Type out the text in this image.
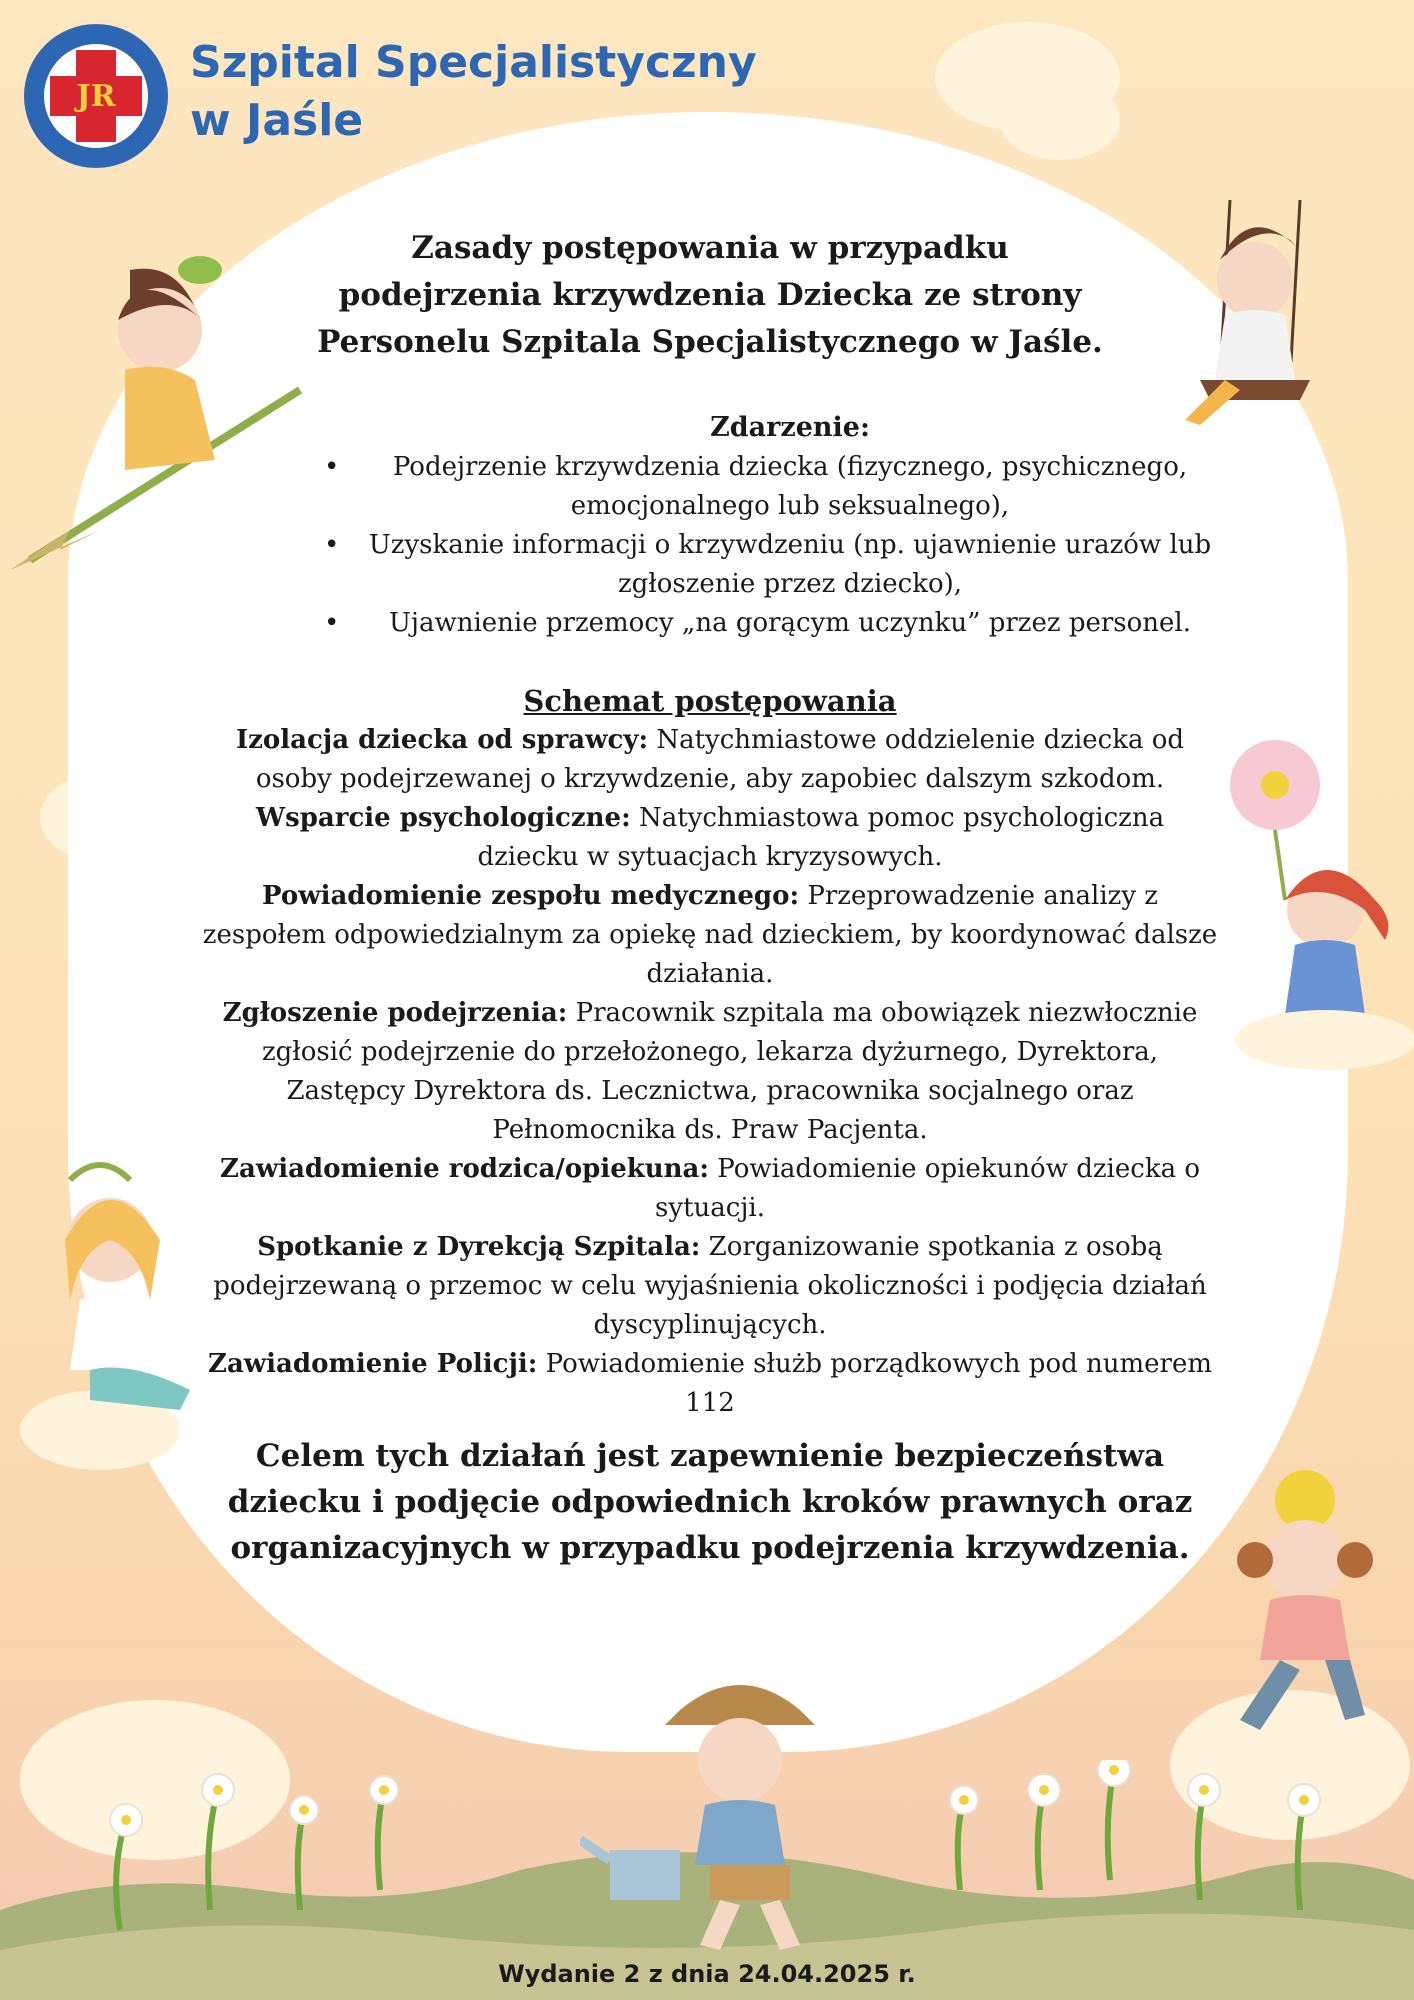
JR
Szpital Specjalistyczny
w Jaśle
Zasady postępowania w przypadku
podejrzenia krzywdzenia Dziecka ze strony
Personelu Szpitala Specjalistycznego w Jaśle.
Zdarzenie:
• Podejrzenie krzywdzenia dziecka (fizycznego, psychicznego, emocjonalnego lub seksualnego),
• Uzyskanie informacji o krzywdzeniu (np. ujawnienie urazów lub zgłoszenie przez dziecko),
• Ujawnienie przemocy „na gorącym uczynku” przez personel.
Schemat postępowania
Izolacja dziecka od sprawcy: Natychmiastowe oddzielenie dziecka od osoby podejrzewanej o krzywdzenie, aby zapobiec dalszym szkodom.
Wsparcie psychologiczne: Natychmiastowa pomoc psychologiczna dziecku w sytuacjach kryzysowych.
Powiadomienie zespołu medycznego: Przeprowadzenie analizy z zespołem odpowiedzialnym za opiekę nad dzieckiem, by koordynować dalsze działania.
Zgłoszenie podejrzenia: Pracownik szpitala ma obowiązek niezwłocznie zgłosić podejrzenie do przełożonego, lekarza dyżurnego, Dyrektora, Zastępcy Dyrektora ds. Lecznictwa, pracownika socjalnego oraz Pełnomocnika ds. Praw Pacjenta.
Zawiadomienie rodzica/opiekuna: Powiadomienie opiekunów dziecka o sytuacji.
Spotkanie z Dyrekcją Szpitala: Zorganizowanie spotkania z osobą podejrzewaną o przemoc w celu wyjaśnienia okoliczności i podjęcia działań dyscyplinujących.
Zawiadomienie Policji: Powiadomienie służb porządkowych pod numerem 112
Celem tych działań jest zapewnienie bezpieczeństwa dziecku i podjęcie odpowiednich kroków prawnych oraz organizacyjnych w przypadku podejrzenia krzywdzenia.
Wydanie 2 z dnia 24.04.2025 r.
